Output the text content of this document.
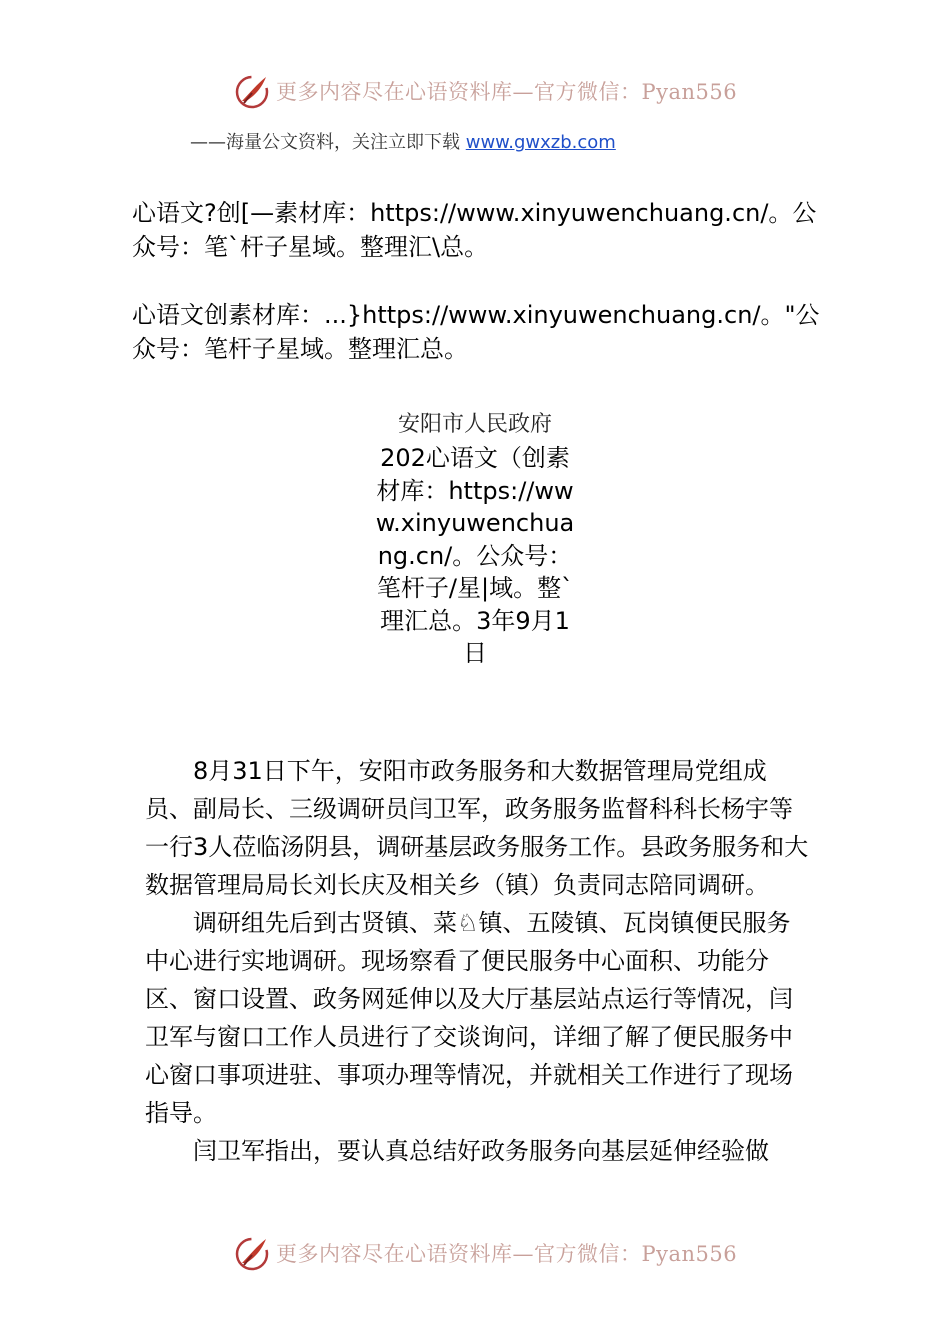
更多内容尽在心语资料库—官方微信：Pyan556
——海量公文资料，关注立即下载 www.gwxzb.com

心语文?创[—素材库：https://www.xinyuwenchuang.cn/。公众号：笔`杆子星域。整理汇\总。

心语文创素材库：...}https://www.xinyuwenchuang.cn/。"公众号：笔杆子星域。整理汇总。

安阳市人民政府

202心语文（创素材库：https://www.xinyuwenchuang.cn/。公众号：笔杆子/星|域。整`理汇总。3年9月1日

8月31日下午，安阳市政务服务和大数据管理局党组成员、副局长、三级调研员闫卫军，政务服务监督科科长杨宇等一行3人莅临汤阴县，调研基层政务服务工作。县政务服务和大数据管理局局长刘长庆及相关乡（镇）负责同志陪同调研。

调研组先后到古贤镇、菜♘镇、五陵镇、瓦岗镇便民服务中心进行实地调研。现场察看了便民服务中心面积、功能分区、窗口设置、政务网延伸以及大厅基层站点运行等情况，闫卫军与窗口工作人员进行了交谈询问，详细了解了便民服务中心窗口事项进驻、事项办理等情况，并就相关工作进行了现场指导。

闫卫军指出，要认真总结好政务服务向基层延伸经验做

更多内容尽在心语资料库—官方微信：Pyan556
